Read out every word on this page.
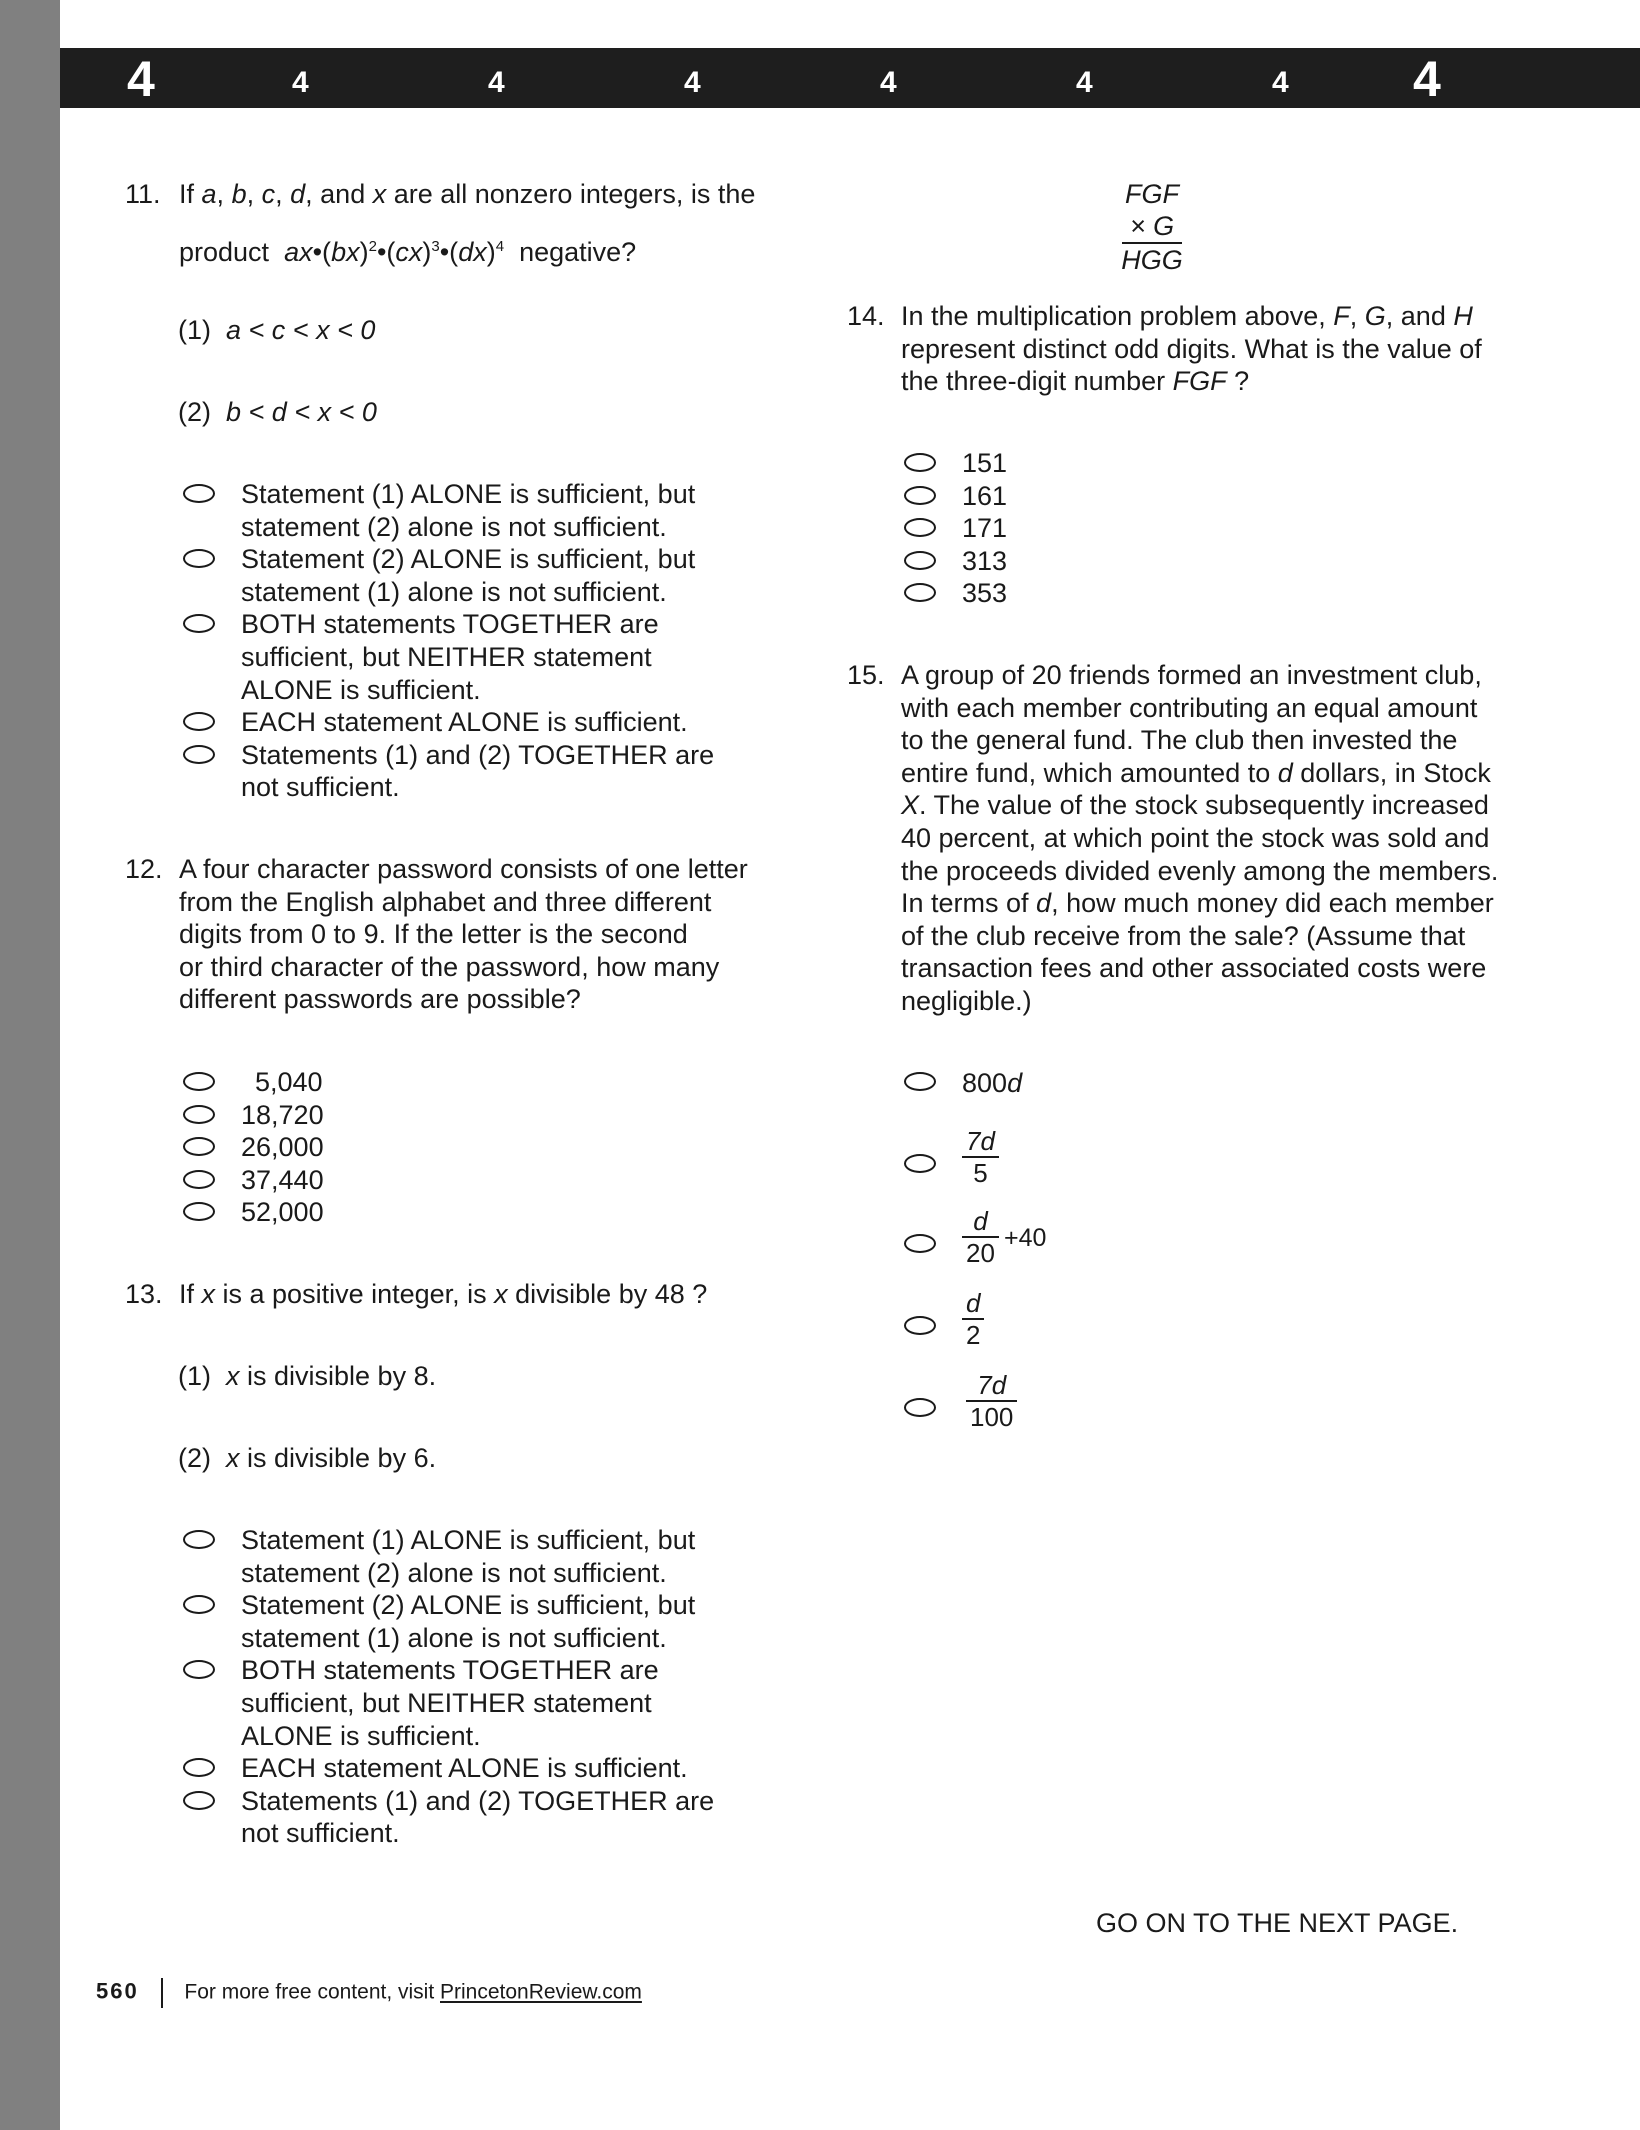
4	4	4	4	4	4	4 4
11. If a, b, c, d, and x are all nonzero integers, is the
product ax•(bx)$^2$•(cx)$^3$•(dx)$^4$ negative?
(1) a < c < x < 0
(2) b < d < x < 0
Statement (1) ALONE is sufficient, but
statement (2) alone is not sufficient.
Statement (2) ALONE is sufficient, but
statement (1) alone is not sufficient.
BOTH statements TOGETHER are
sufficient, but NEITHER statement
ALONE is sufficient.
EACH statement ALONE is sufficient.
Statements (1) and (2) TOGETHER are
not sufficient.
12. A four character password consists of one letter
from the English alphabet and three different
digits from 0 to 9. If the letter is the second
or third character of the password, how many
different passwords are possible?
5,040
18,720
26,000
37,440
52,000
13. If x is a positive integer, is x divisible by 48 ?
(1) x is divisible by 8.
(2) x is divisible by 6.
Statement (1) ALONE is sufficient, but
statement (2) alone is not sufficient.
Statement (2) ALONE is sufficient, but
statement (1) alone is not sufficient.
BOTH statements TOGETHER are
sufficient, but NEITHER statement
ALONE is sufficient.
EACH statement ALONE is sufficient.
Statements (1) and (2) TOGETHER are
not sufficient.
FGF
× G
HGG
14. In the multiplication problem above, F, G, and H
represent distinct odd digits. What is the value of
the three-digit number FGF ?
151
161
171
313
353
15. A group of 20 friends formed an investment club,
with each member contributing an equal amount
to the general fund. The club then invested the
entire fund, which amounted to d dollars, in Stock
X. The value of the stock subsequently increased
40 percent, at which point the stock was sold and
the proceeds divided evenly among the members.
In terms of d, how much money did each member
of the club receive from the sale? (Assume that
transaction fees and other associated costs were
negligible.)
800d
7d
5
d
20 +40
d
2
7d
100
GO ON TO THE NEXT PAGE.
560 For more free content, visit PrincetonReview.com
